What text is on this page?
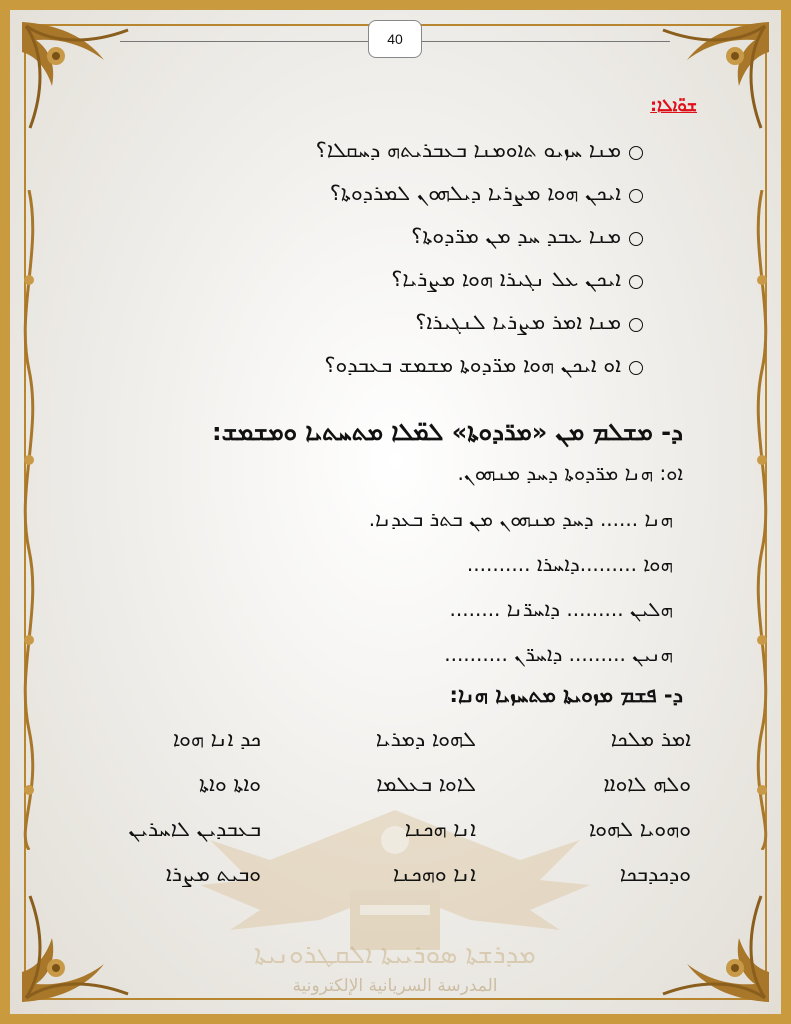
40
ܡܕܪܫܬܐ ܣܘܪܝܝܬܐ ܐܠܩܛܪܘܢܝܬܐ
المدرسة السريانية الإلكترونية
ܫܘ̈ܐܠܐ:
ܡܢܐ ܚܙܝܘ ܬܐܘܡܢܐ ܒܥܒܪܝܬܗ ܕܚܩܠܐ؟
ܐܝܟܢ ܗܘܐ ܡܨܪܝܐ ܕܝܠܗܘܢ ܠܡܪܕܘܬܐ؟
ܡܢܐ ܥܒܕ ܚܕ ܡܢ ܡܪ̈ܕܘܬܐ؟
ܐܝܟܢ ܥܠ ܢܓܝܪܐ ܗܘܐ ܡܨܪܝܐ؟
ܡܢܐ ܐܡܪ ܡܨܪܝܐ ܠܢܓܝܪܐ؟
ܐܘ ܐܝܟܢ ܗܘܐ ܡܪ̈ܕܘܬܐ ܡܫܡܫ ܒܥܒܕܘ؟
ܕ- ܡܫܠܡ ܡܢ «ܡܪ̈ܕܘܬܐ» ܠܡ̈ܠܐ ܡܬܚܬܝܐ ܘܡܫܡܫ:
ܐܘ: ܗܢܐ ܡܪ̈ܕܘܬܐ ܕܚܕ ܡܢܗܘܢ.
ܗܢܐ ...... ܕܚܕ ܡܢܗܘܢ ܡܢ ܒܬܪ ܒܥܕܢܐ.
ܗܘܐ .........ܕܐܚܪܐ ..........
ܗܠܝܢ ......... ܕܐܚܪ̈ܢܐ ........
ܗܢܝܢ ......... ܕܐܚܪ̈ܢ ..........
ܕ- ܦܫܡ ܡܙܘܝܬܐ ܡܬܚܙܝܐ ܗܢܐ:
ܐܡܪ ܡܠܟܐ
ܠܗܘܐ ܕܡܪܝܐ
ܟܕ ܐܢܐ ܗܘܐ
ܘܠܗ ܠܐܘܐܐ
ܠܐܘܐ ܒܥܠܡܐ
ܘܐܬܐ ܘܐܬܐ
ܘܗܘܝܐ ܠܗܘܐ
ܐܢܐ ܗܟܢܐ
ܒܥܒܕܝܢ ܠܐܚܪܝܢ
ܘܕܟܕܒܟܐ
ܐܢܐ ܘܗܟܢܐ
ܘܒܝܬ ܡܨܪܐ
